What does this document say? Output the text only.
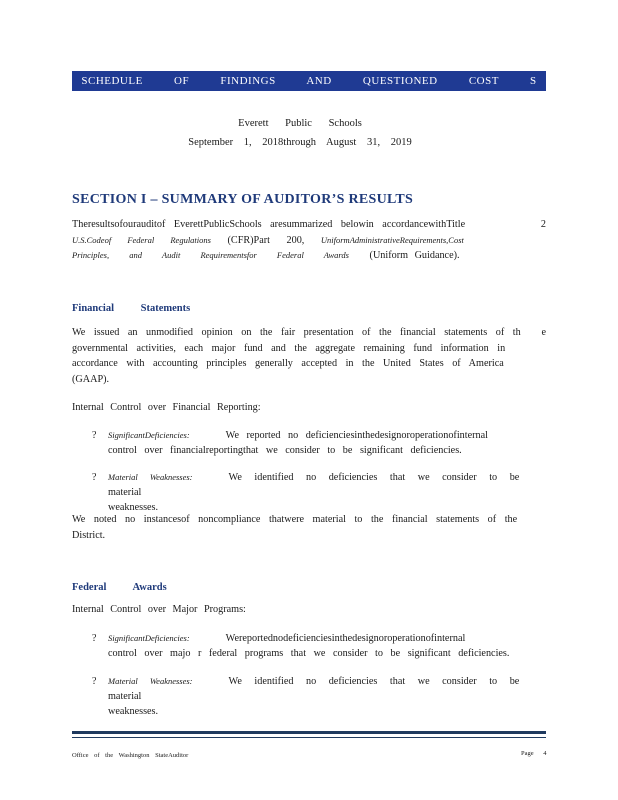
SCHEDULE OF FINDINGS AND QUESTIONED COST S
Everett Public Schools
September 1, 2018through August 31, 2019
SECTION I – SUMMARY OF AUDITOR’S RESULTS
Theresultsofourauditof EverettPublicSchools aresummarized belowin accordancewithTitle	2
U.S.Codeof Federal Regulations (CFR)Part 200, UniformAdministrativeRequirements,Cost
Principles, and Audit Requirementsfor Federal Awards (Uniform Guidance).
Financial Statements
We issued an unmodified opinion on the fair presentation of the financial statements of th e
governmental activities, each major fund and the aggregate remaining fund information in
accordance with accounting principles generally accepted in the United States of America
(GAAP).
Internal Control over Financial Reporting:
? SignificantDeficiencies:	We reported no deficienciesinthedesignoroperationofinternal
control over financialreportingthat we consider to be significant deficiencies.
? Material Weaknesses:	We identified no deficiencies that we consider to be material
weaknesses.
We noted no instancesof noncompliance thatwere material to the financial statements of the
District.
Federal Awards
Internal Control over Major Programs:
? SignificantDeficiencies:	Wereportednodeficienciesinthedesignoroperationofinternal
control over majo r federal programs that we consider to be significant deficiencies.
? Material Weaknesses:	We identified no deficiencies that we consider to be material
weaknesses.
Office of the Washington StateAuditor	Page 4
